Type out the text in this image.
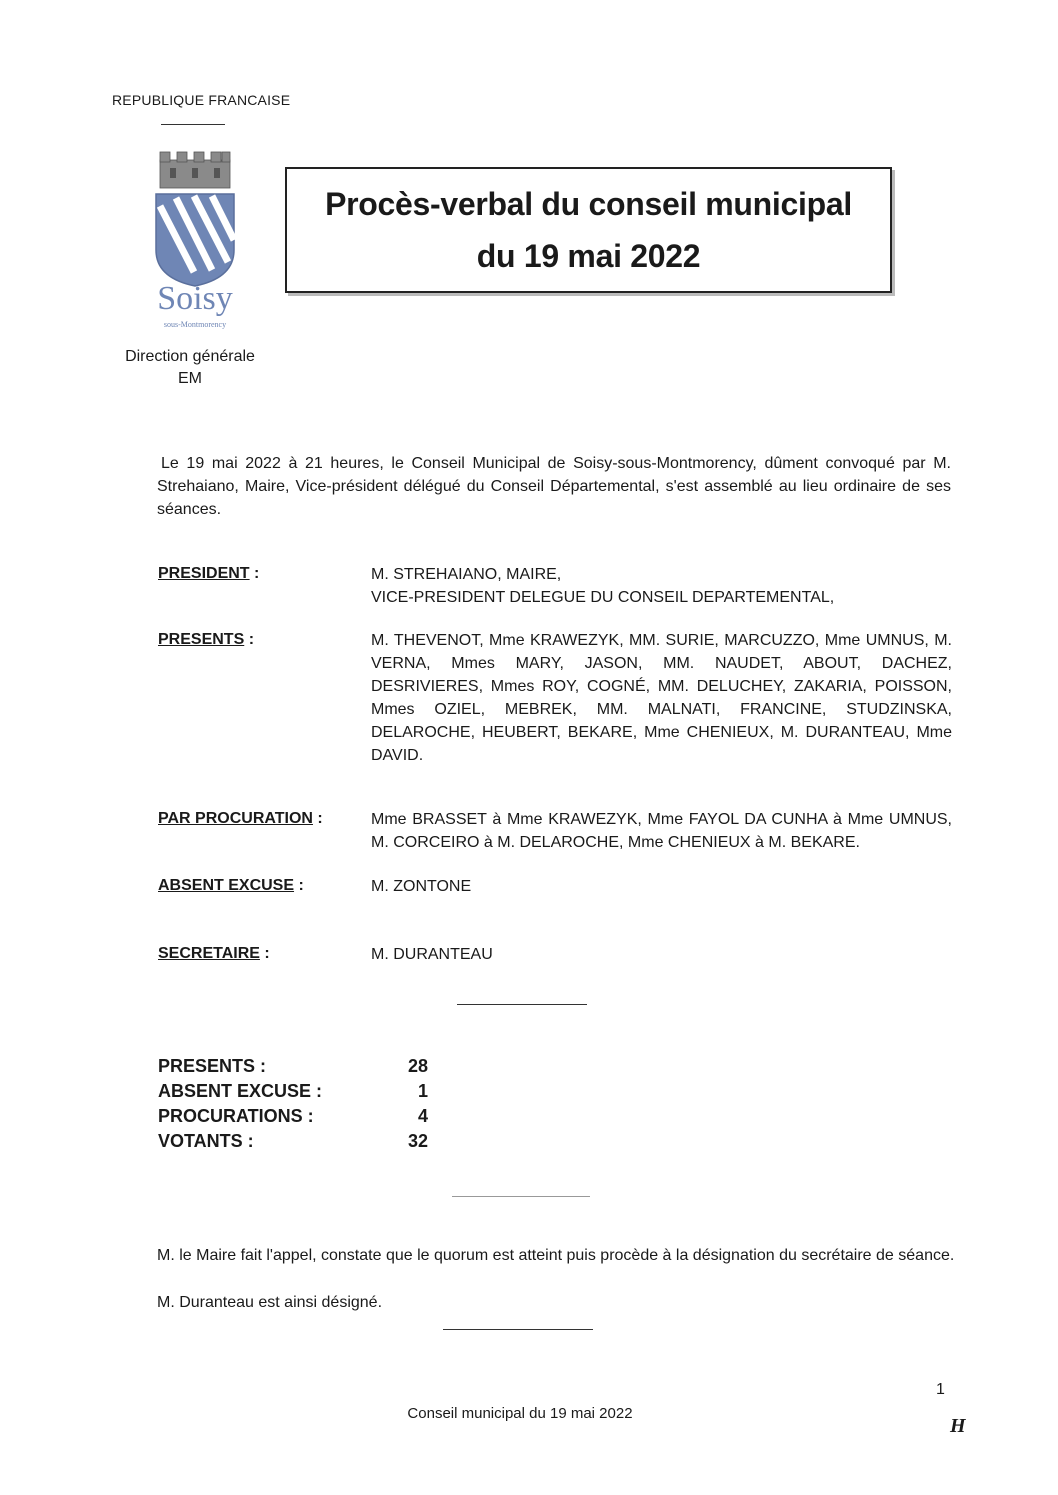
REPUBLIQUE FRANCAISE
Soisy
sous-Montmorency
Direction générale
EM
Procès-verbal du conseil municipal
du 19 mai 2022
Le 19 mai 2022 à 21 heures, le Conseil Municipal de Soisy-sous-Montmorency, dûment convoqué par M. Strehaiano, Maire, Vice-président délégué du Conseil Départemental, s'est assemblé au lieu ordinaire de ses séances.
PRESIDENT :	M. STREHAIANO, MAIRE,
VICE-PRESIDENT DELEGUE DU CONSEIL DEPARTEMENTAL,
PRESENTS :	M. THEVENOT, Mme KRAWEZYK, MM. SURIE, MARCUZZO, Mme UMNUS, M. VERNA, Mmes MARY, JASON, MM. NAUDET, ABOUT, DACHEZ, DESRIVIERES, Mmes ROY, COGNÉ, MM. DELUCHEY, ZAKARIA, POISSON, Mmes OZIEL, MEBREK, MM. MALNATI, FRANCINE, STUDZINSKA, DELAROCHE, HEUBERT, BEKARE, Mme CHENIEUX, M. DURANTEAU, Mme DAVID.
PAR PROCURATION :	Mme BRASSET à Mme KRAWEZYK, Mme FAYOL DA CUNHA à Mme UMNUS, M. CORCEIRO à M. DELAROCHE, Mme CHENIEUX à M. BEKARE.
ABSENT EXCUSE :	M. ZONTONE
SECRETAIRE :	M. DURANTEAU
PRESENTS :	28
ABSENT EXCUSE :	1
PROCURATIONS :	4
VOTANTS :	32
M. le Maire fait l'appel, constate que le quorum est atteint puis procède à la désignation du secrétaire de séance.
M. Duranteau est ainsi désigné.
1
Conseil municipal du 19 mai 2022
H
